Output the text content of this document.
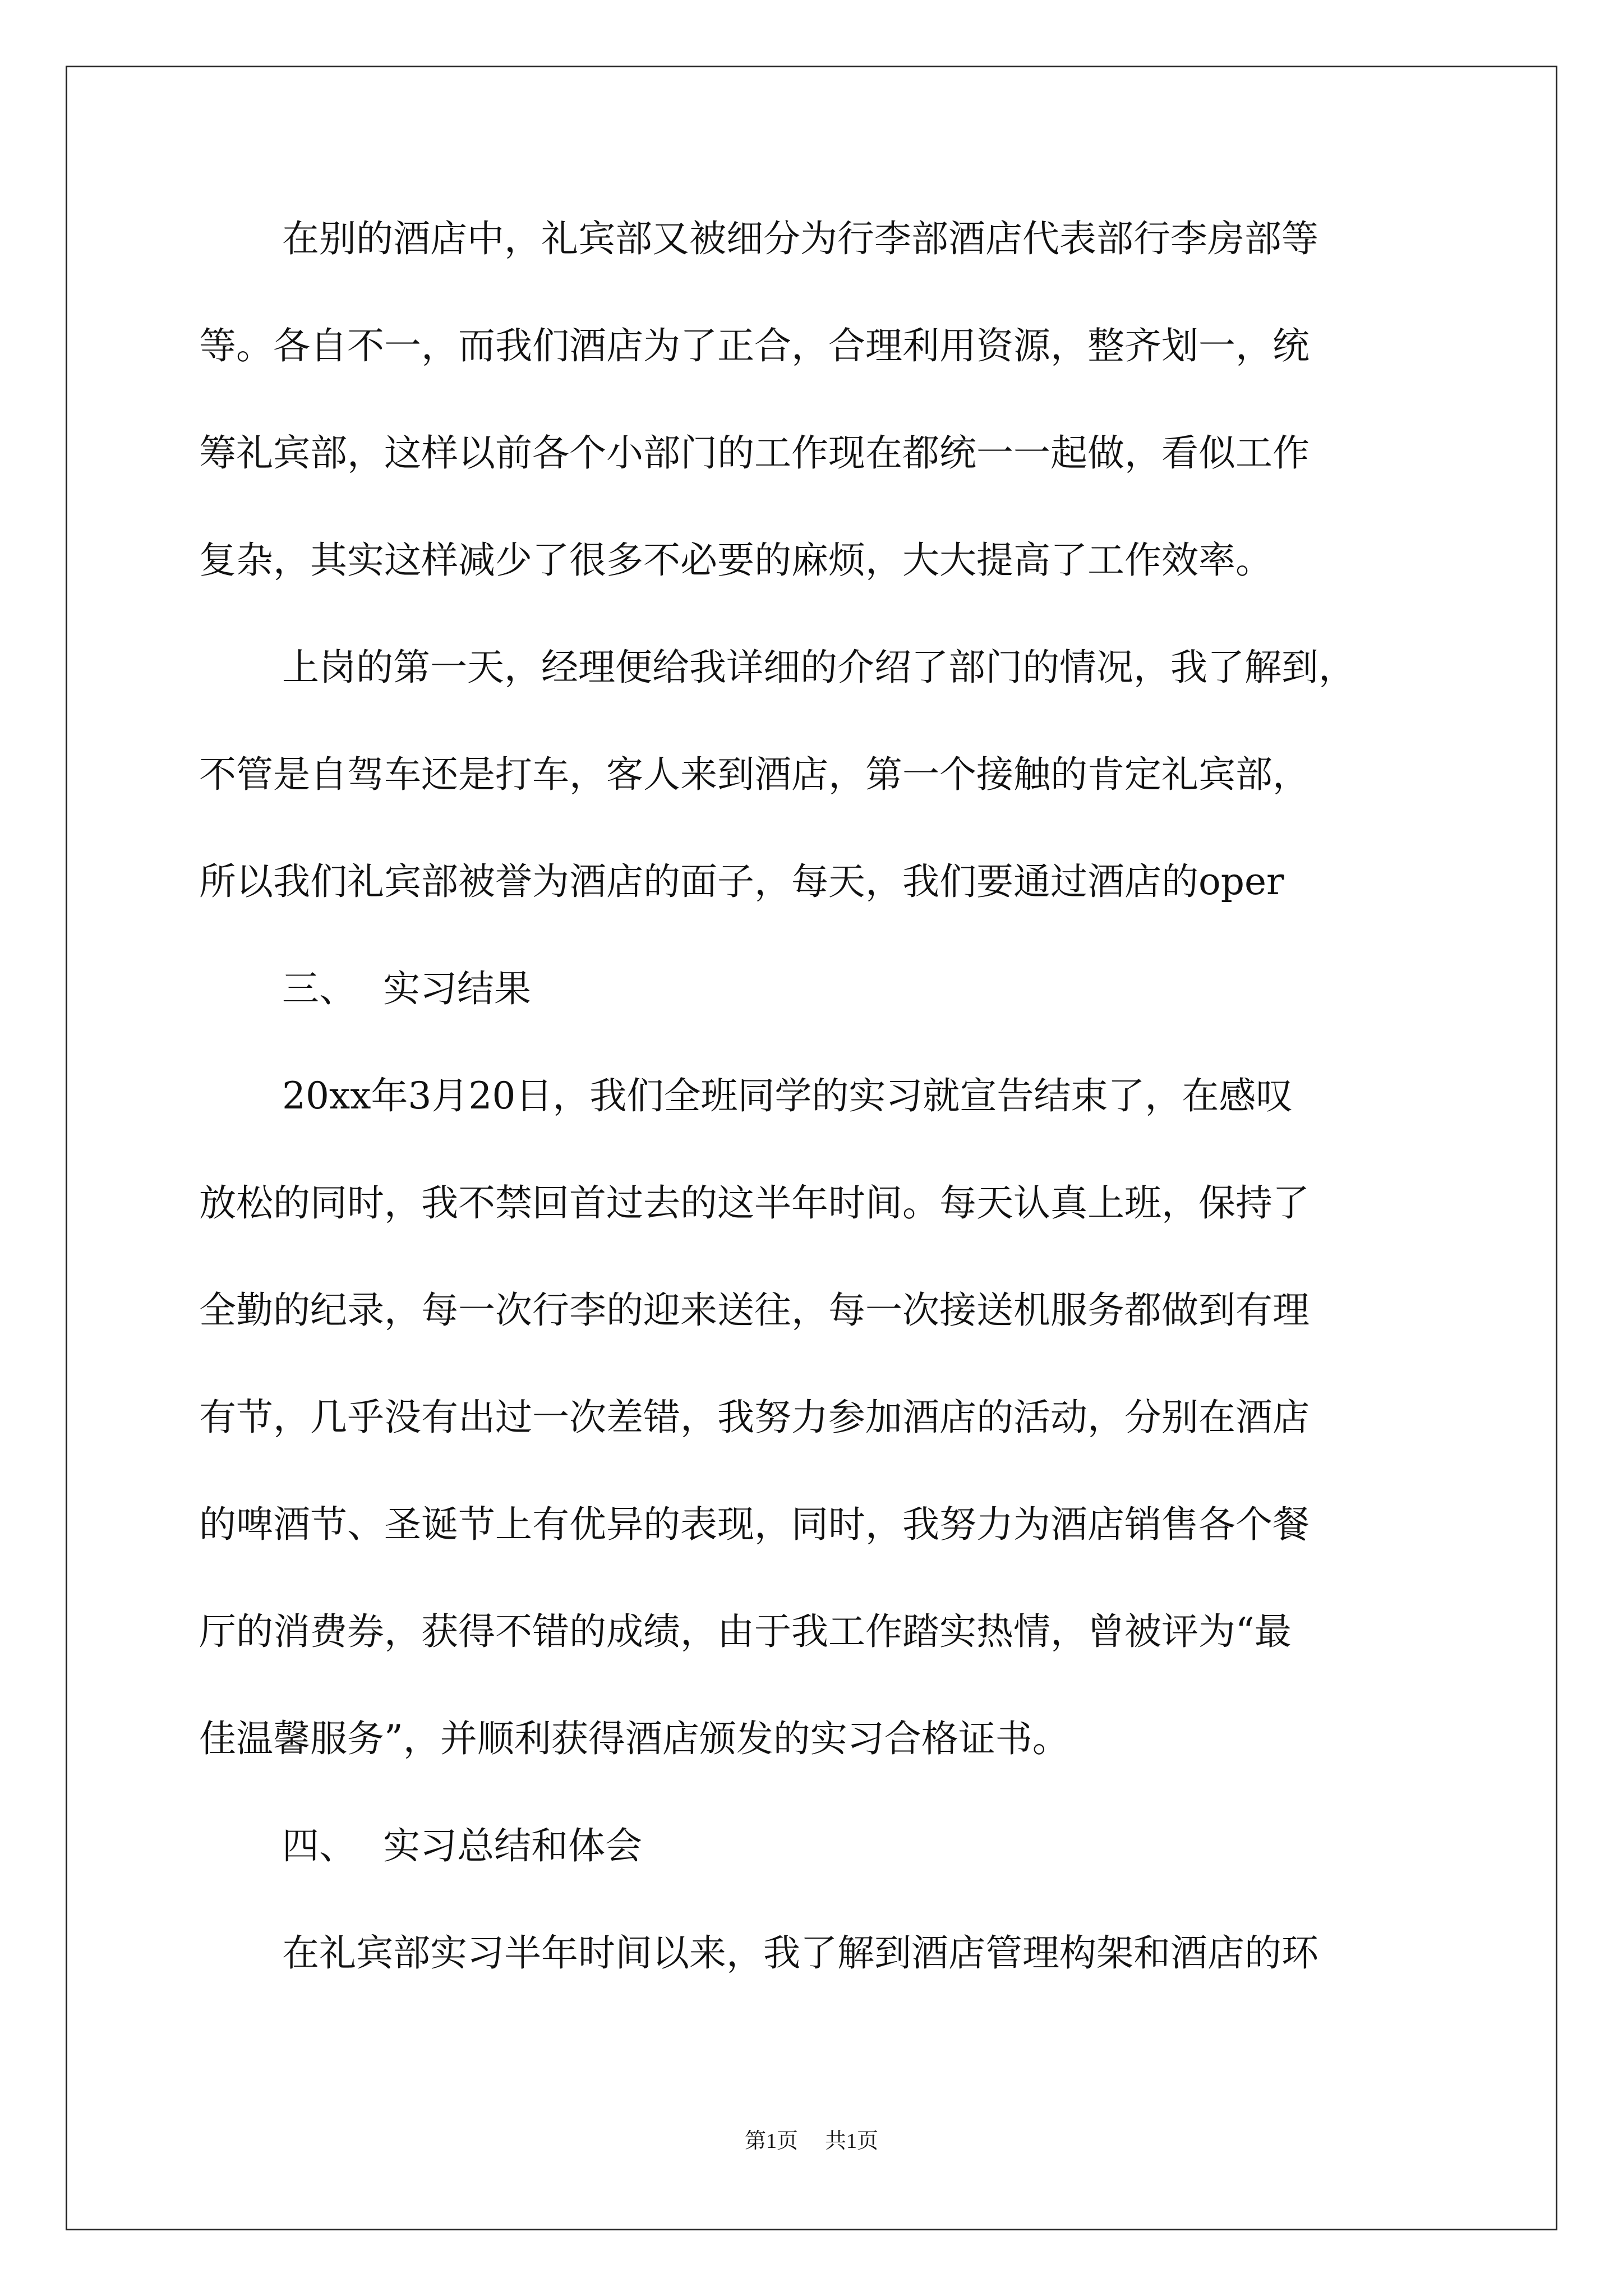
在别的酒店中，礼宾部又被细分为行李部酒店代表部行李房部等
等。各自不一，而我们酒店为了正合，合理利用资源，整齐划一，统
筹礼宾部，这样以前各个小部门的工作现在都统一一起做，看似工作
复杂，其实这样减少了很多不必要的麻烦，大大提高了工作效率。
上岗的第一天，经理便给我详细的介绍了部门的情况，我了解到，
不管是自驾车还是打车，客人来到酒店，第一个接触的肯定礼宾部，
所以我们礼宾部被誉为酒店的面子，每天，我们要通过酒店的oper
三、 实习结果
20xx年3月20日，我们全班同学的实习就宣告结束了，在感叹
放松的同时，我不禁回首过去的这半年时间。每天认真上班，保持了
全勤的纪录，每一次行李的迎来送往，每一次接送机服务都做到有理
有节，几乎没有出过一次差错，我努力参加酒店的活动，分别在酒店
的啤酒节、圣诞节上有优异的表现，同时，我努力为酒店销售各个餐
厅的消费券，获得不错的成绩，由于我工作踏实热情，曾被评为“最
佳温馨服务”，并顺利获得酒店颁发的实习合格证书。
四、 实习总结和体会
在礼宾部实习半年时间以来，我了解到酒店管理构架和酒店的环
第1页 共1页
